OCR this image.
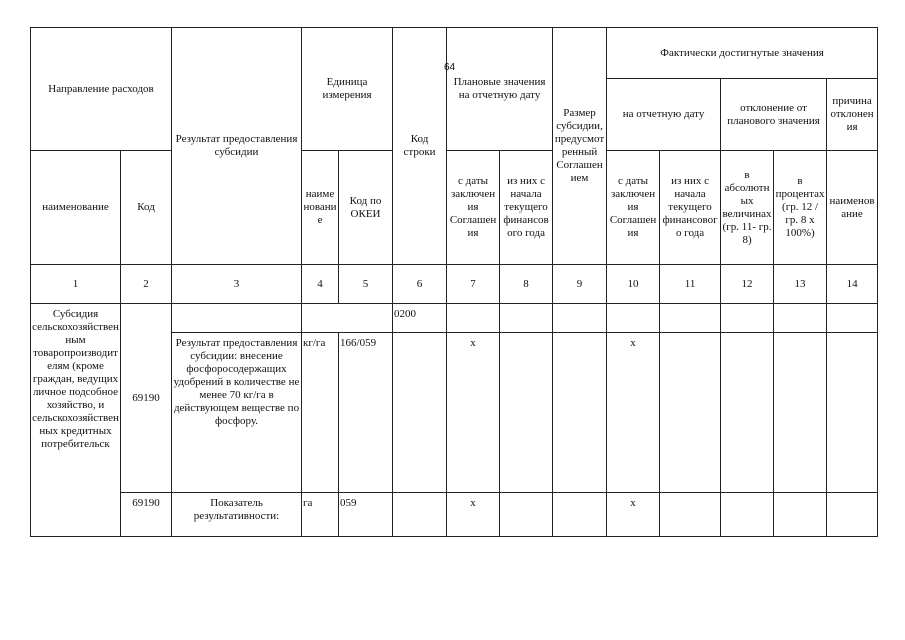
Направление расходов		Результат предоставления субсидии	Единица измерения		Код строки	Плановые значения на отчетную дату		Размер субсидии, предусмотренный Соглашением	Фактически достигнутые значения				
									на отчетную дату		отклонение от планового значения		причина отклонения
наименование	Код		наименование	Код по ОКЕИ		с даты заключения Соглашения	из них с начала текущего финансового года		с даты заключения Соглашения	из них с начала текущего финансового года	в абсолютных величинах (гр. 11- гр. 8)	в процентах (гр. 12 / гр. 8 х 100%)	наименование
1	2	3	4	5	6	7	8	9	10	11	12	13	14
Субсидия сельскохозяйственным товаропроизводителям (кроме граждан, ведущих личное подсобное хозяйство, и сельскохозяйственных кредитных потребительск	69190				0200								
		Результат предоставления субсидии: внесение фосфоросодержащих удобрений в количестве не менее 70 кг/га в действующем веществе по фосфору.	кг/га	166/059		х			х				
	69190	Показатель результативности:	га	059		х			х				
64
